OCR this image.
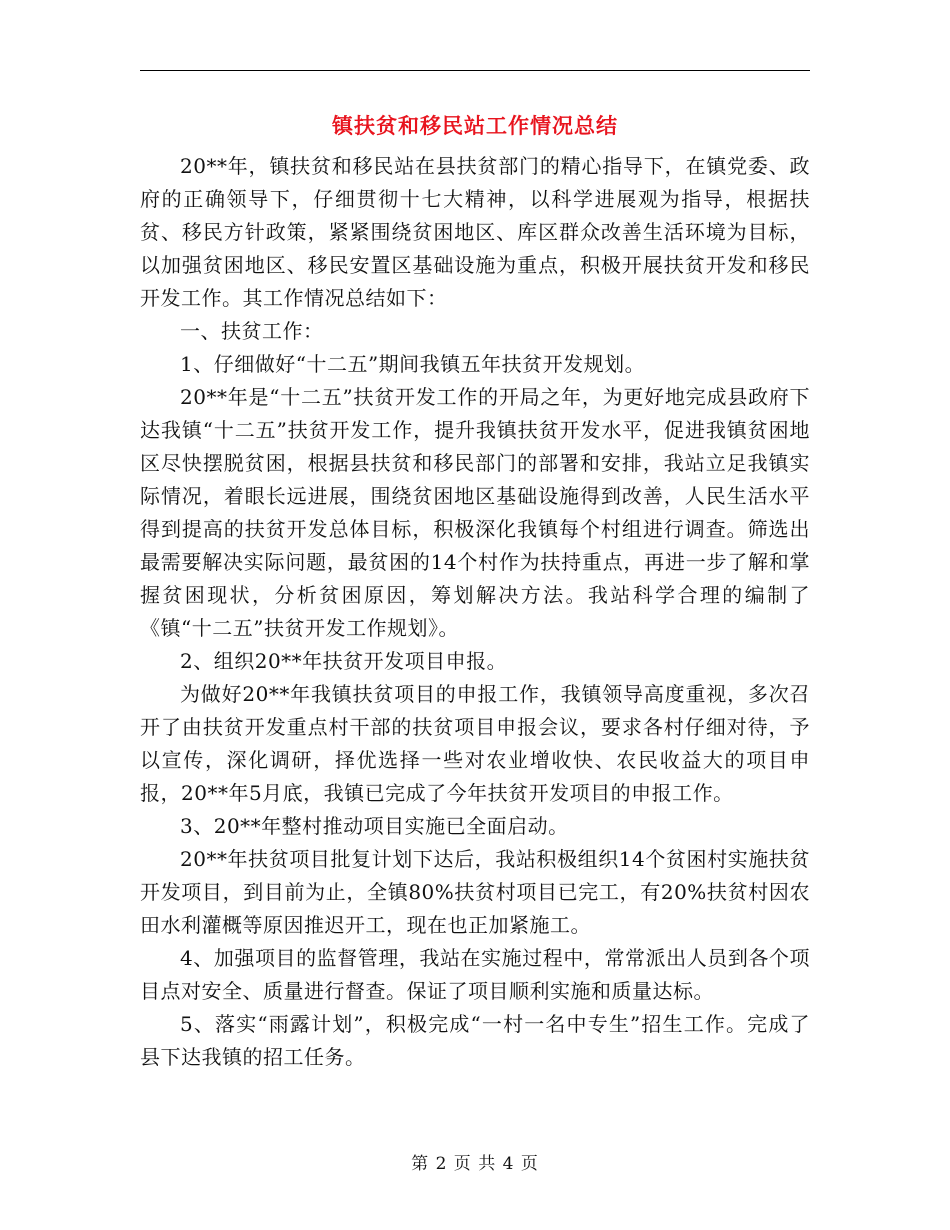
镇扶贫和移民站工作情况总结

20**年，镇扶贫和移民站在县扶贫部门的精心指导下，在镇党委、政府的正确领导下，仔细贯彻十七大精神，以科学进展观为指导，根据扶贫、移民方针政策，紧紧围绕贫困地区、库区群众改善生活环境为目标，以加强贫困地区、移民安置区基础设施为重点，积极开展扶贫开发和移民开发工作。其工作情况总结如下：

一、扶贫工作：

1、仔细做好“十二五”期间我镇五年扶贫开发规划。

20**年是“十二五”扶贫开发工作的开局之年，为更好地完成县政府下达我镇“十二五”扶贫开发工作，提升我镇扶贫开发水平，促进我镇贫困地区尽快摆脱贫困，根据县扶贫和移民部门的部署和安排，我站立足我镇实际情况，着眼长远进展，围绕贫困地区基础设施得到改善，人民生活水平得到提高的扶贫开发总体目标，积极深化我镇每个村组进行调查。筛选出最需要解决实际问题，最贫困的14个村作为扶持重点，再进一步了解和掌握贫困现状，分析贫困原因，筹划解决方法。我站科学合理的编制了《镇“十二五”扶贫开发工作规划》。

2、组织20**年扶贫开发项目申报。

为做好20**年我镇扶贫项目的申报工作，我镇领导高度重视，多次召开了由扶贫开发重点村干部的扶贫项目申报会议，要求各村仔细对待，予以宣传，深化调研，择优选择一些对农业增收快、农民收益大的项目申报，20**年5月底，我镇已完成了今年扶贫开发项目的申报工作。

3、20**年整村推动项目实施已全面启动。

20**年扶贫项目批复计划下达后，我站积极组织14个贫困村实施扶贫开发项目，到目前为止，全镇80%扶贫村项目已完工，有20%扶贫村因农田水利灌概等原因推迟开工，现在也正加紧施工。

4、加强项目的监督管理，我站在实施过程中，常常派出人员到各个项目点对安全、质量进行督查。保证了项目顺利实施和质量达标。

5、落实“雨露计划”，积极完成“一村一名中专生”招生工作。完成了县下达我镇的招工任务。

第 2 页 共 4 页
